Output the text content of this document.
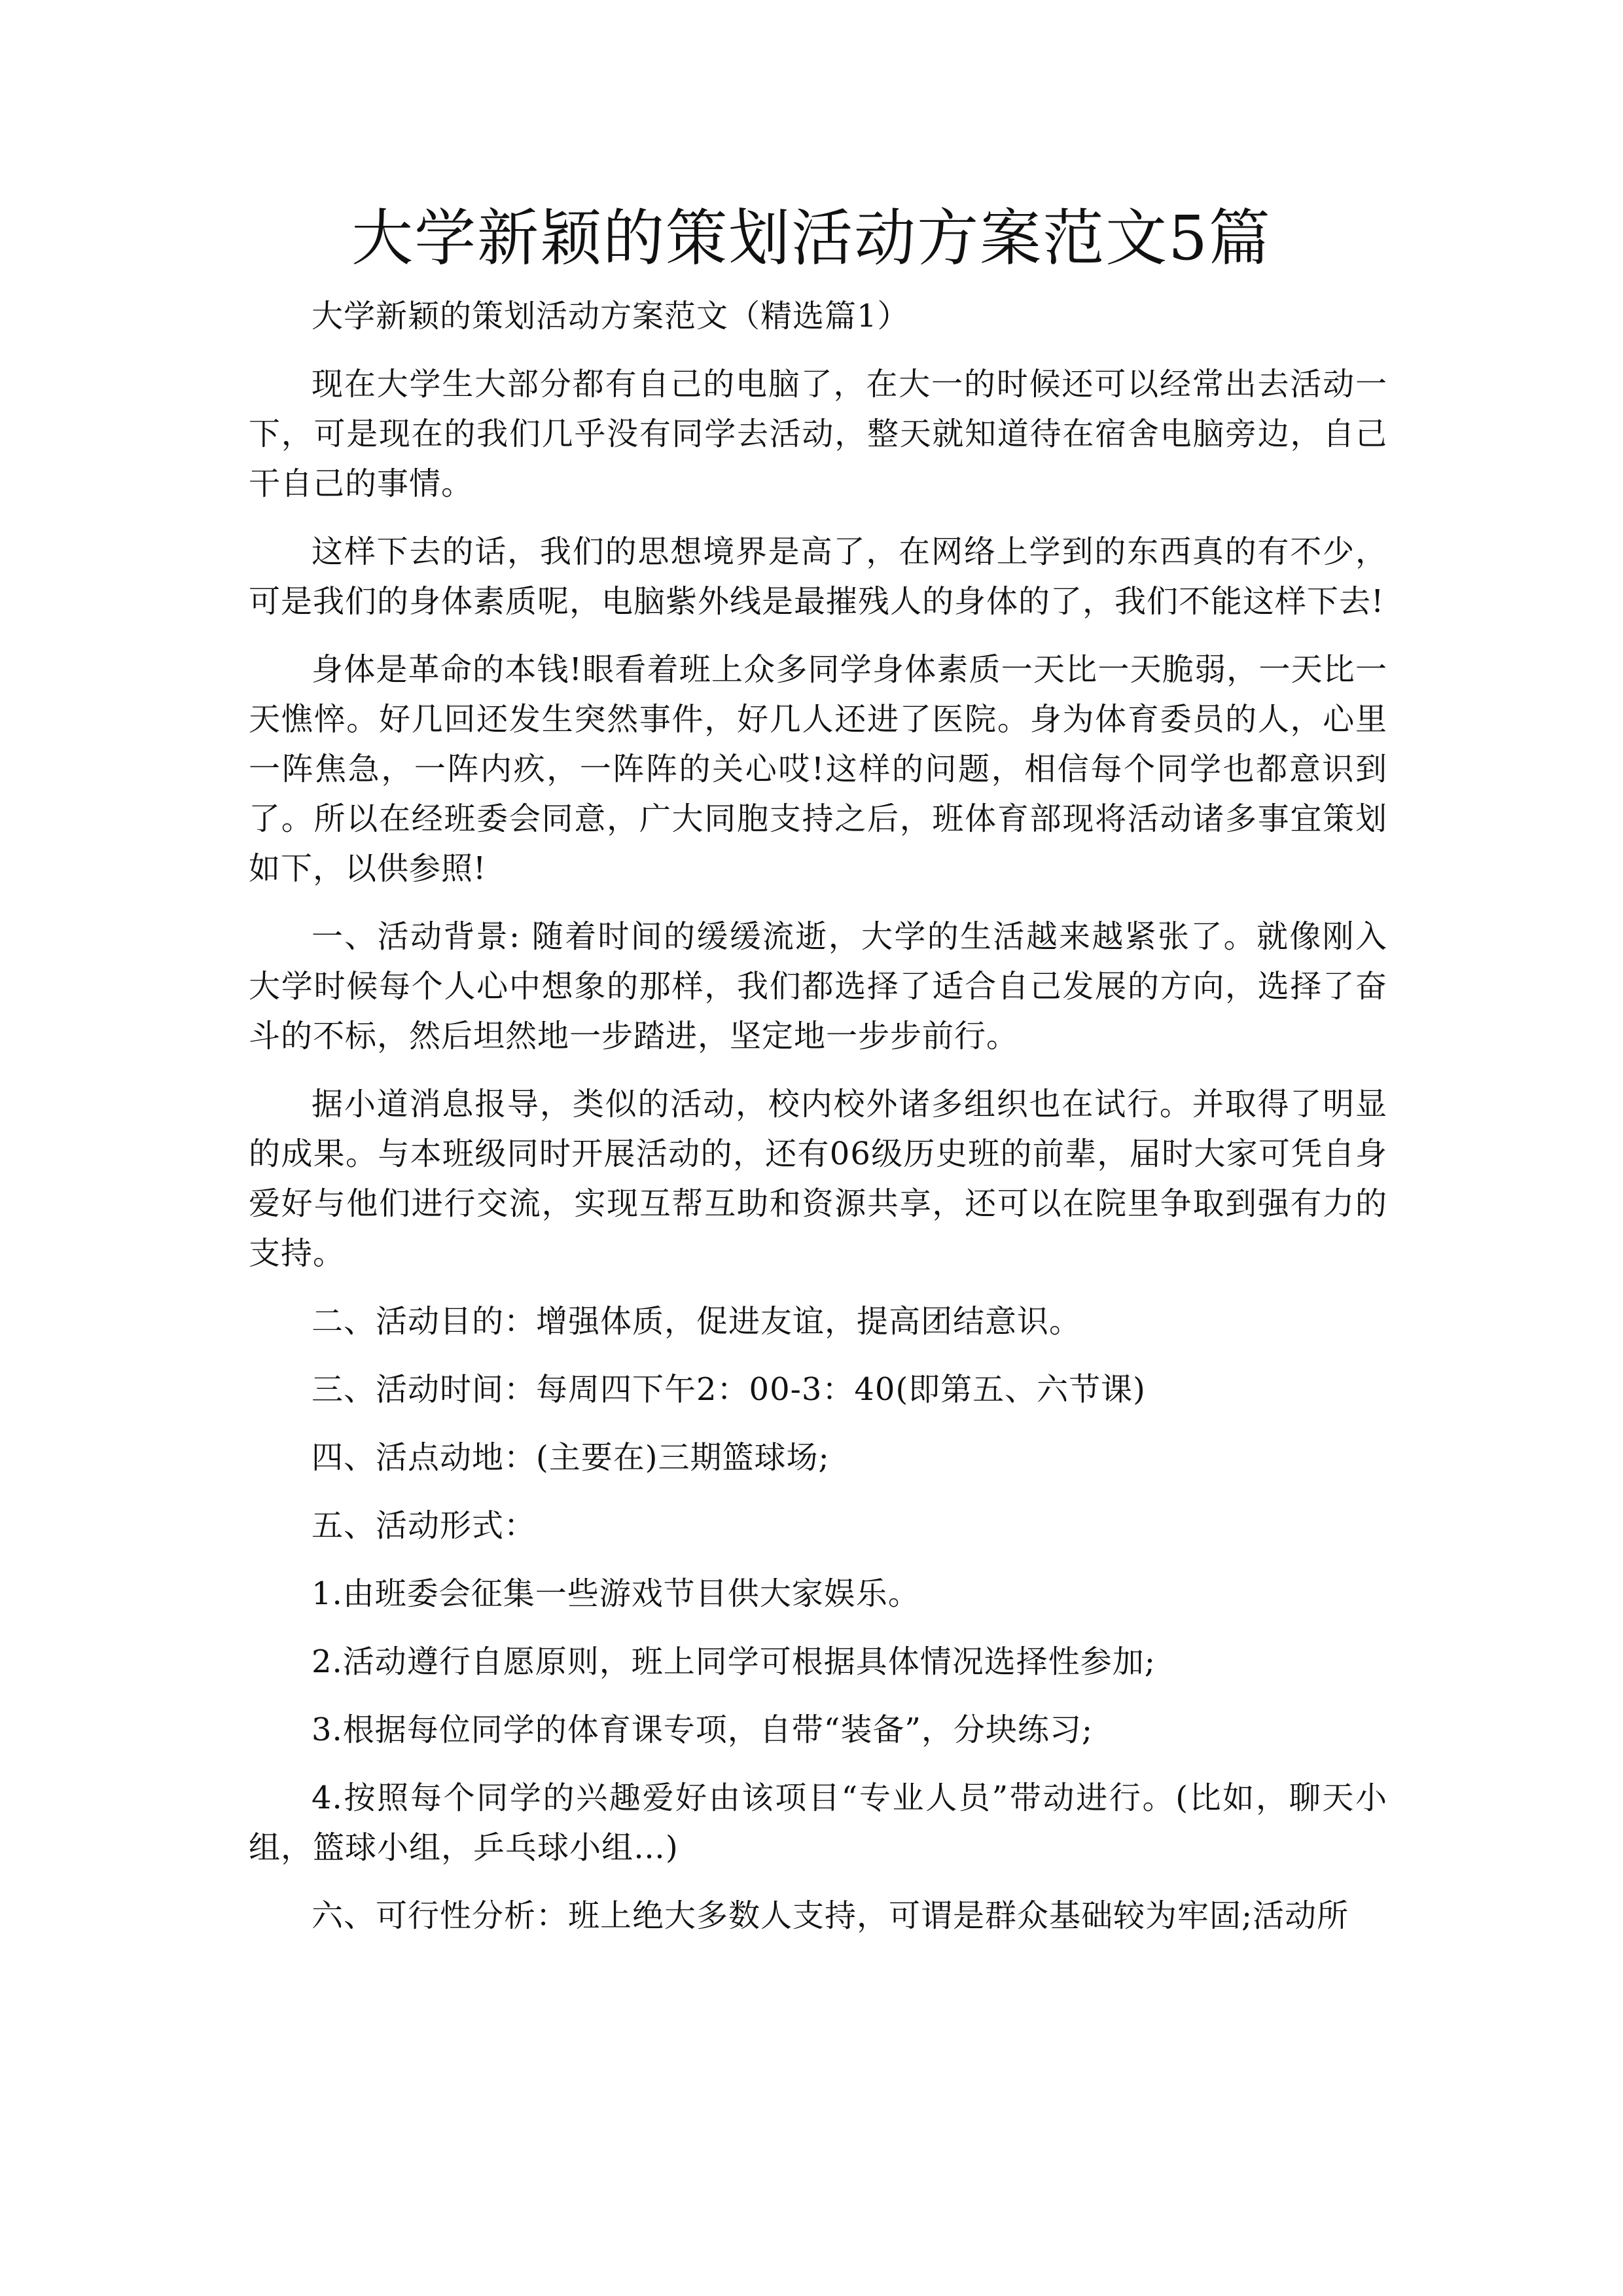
大学新颖的策划活动方案范文5篇

大学新颖的策划活动方案范文（精选篇1）

现在大学生大部分都有自己的电脑了，在大一的时候还可以经常出去活动一下，可是现在的我们几乎没有同学去活动，整天就知道待在宿舍电脑旁边，自己干自己的事情。

这样下去的话，我们的思想境界是高了，在网络上学到的东西真的有不少，可是我们的身体素质呢，电脑紫外线是最摧残人的身体的了，我们不能这样下去!

身体是革命的本钱!眼看着班上众多同学身体素质一天比一天脆弱，一天比一天憔悴。好几回还发生突然事件，好几人还进了医院。身为体育委员的人，心里一阵焦急，一阵内疚，一阵阵的关心哎!这样的问题，相信每个同学也都意识到了。所以在经班委会同意，广大同胞支持之后，班体育部现将活动诸多事宜策划如下，以供参照!

一、活动背景: 随着时间的缓缓流逝，大学的生活越来越紧张了。就像刚入大学时候每个人心中想象的那样，我们都选择了适合自己发展的方向，选择了奋斗的不标，然后坦然地一步踏进，坚定地一步步前行。

据小道消息报导，类似的活动，校内校外诸多组织也在试行。并取得了明显的成果。与本班级同时开展活动的，还有06级历史班的前辈，届时大家可凭自身爱好与他们进行交流，实现互帮互助和资源共享，还可以在院里争取到强有力的支持。

二、活动目的：增强体质，促进友谊，提高团结意识。

三、活动时间：每周四下午2：00-3：40(即第五、六节课)

四、活点动地：(主要在)三期篮球场;

五、活动形式：

1.由班委会征集一些游戏节目供大家娱乐。

2.活动遵行自愿原则，班上同学可根据具体情况选择性参加;

3.根据每位同学的体育课专项，自带“装备”，分块练习;

4.按照每个同学的兴趣爱好由该项目“专业人员”带动进行。(比如，聊天小组，篮球小组，乒乓球小组…)

六、可行性分析：班上绝大多数人支持，可谓是群众基础较为牢固;活动所
